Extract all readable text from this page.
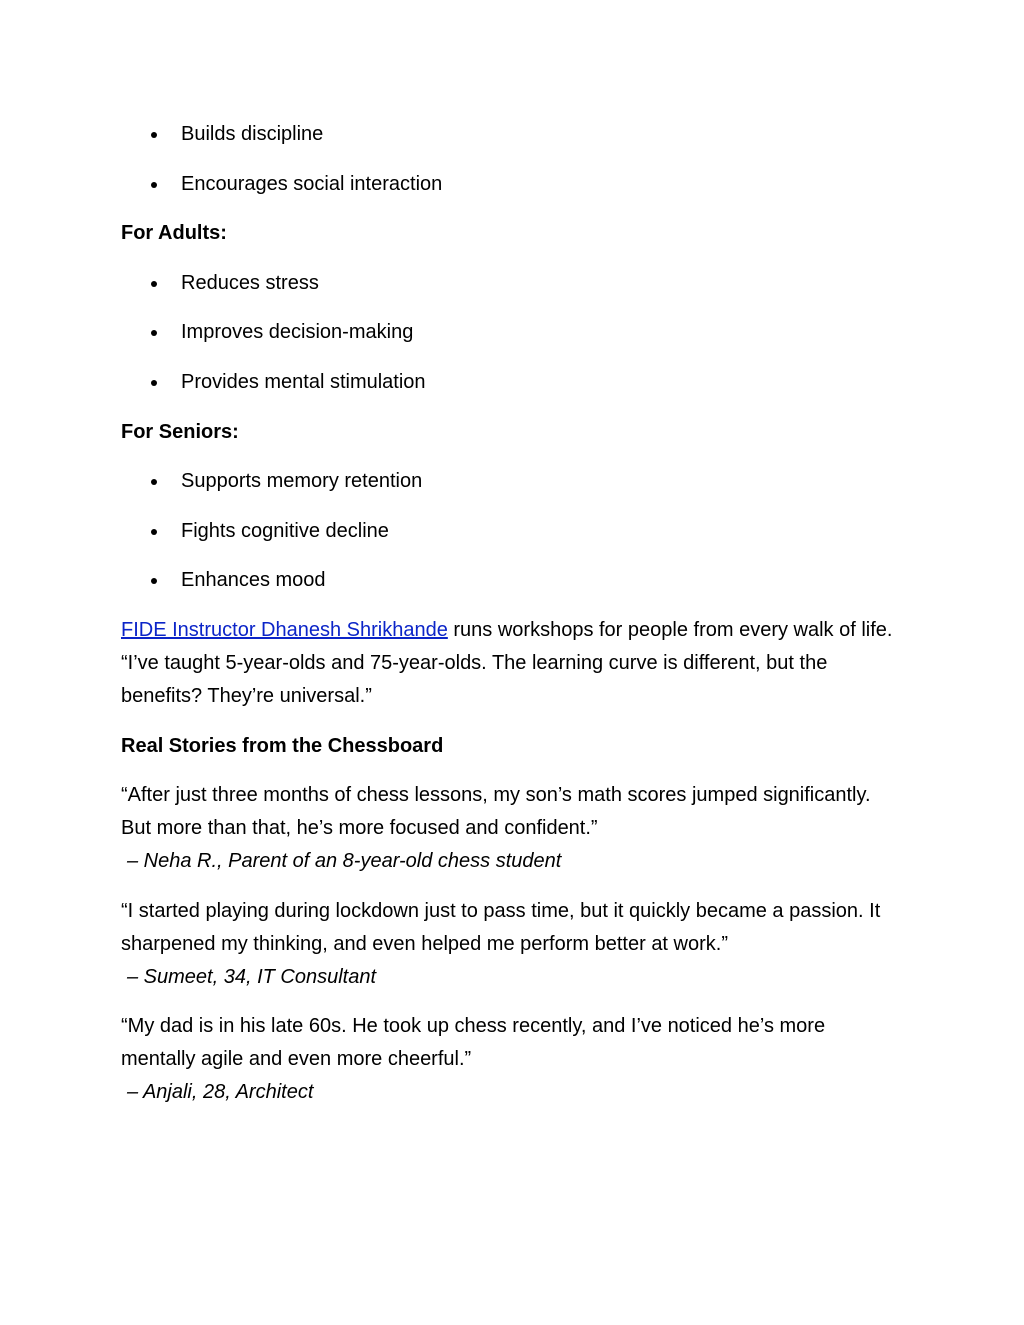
Builds discipline
Encourages social interaction
For Adults:
Reduces stress
Improves decision-making
Provides mental stimulation
For Seniors:
Supports memory retention
Fights cognitive decline
Enhances mood

FIDE Instructor Dhanesh Shrikhande runs workshops for people from every walk of life. “I’ve taught 5-year-olds and 75-year-olds. The learning curve is different, but the benefits? They’re universal.”

Real Stories from the Chessboard

“After just three months of chess lessons, my son’s math scores jumped significantly. But more than that, he’s more focused and confident.”
– Neha R., Parent of an 8-year-old chess student

“I started playing during lockdown just to pass time, but it quickly became a passion. It sharpened my thinking, and even helped me perform better at work.”
– Sumeet, 34, IT Consultant

“My dad is in his late 60s. He took up chess recently, and I’ve noticed he’s more mentally agile and even more cheerful.”
– Anjali, 28, Architect
